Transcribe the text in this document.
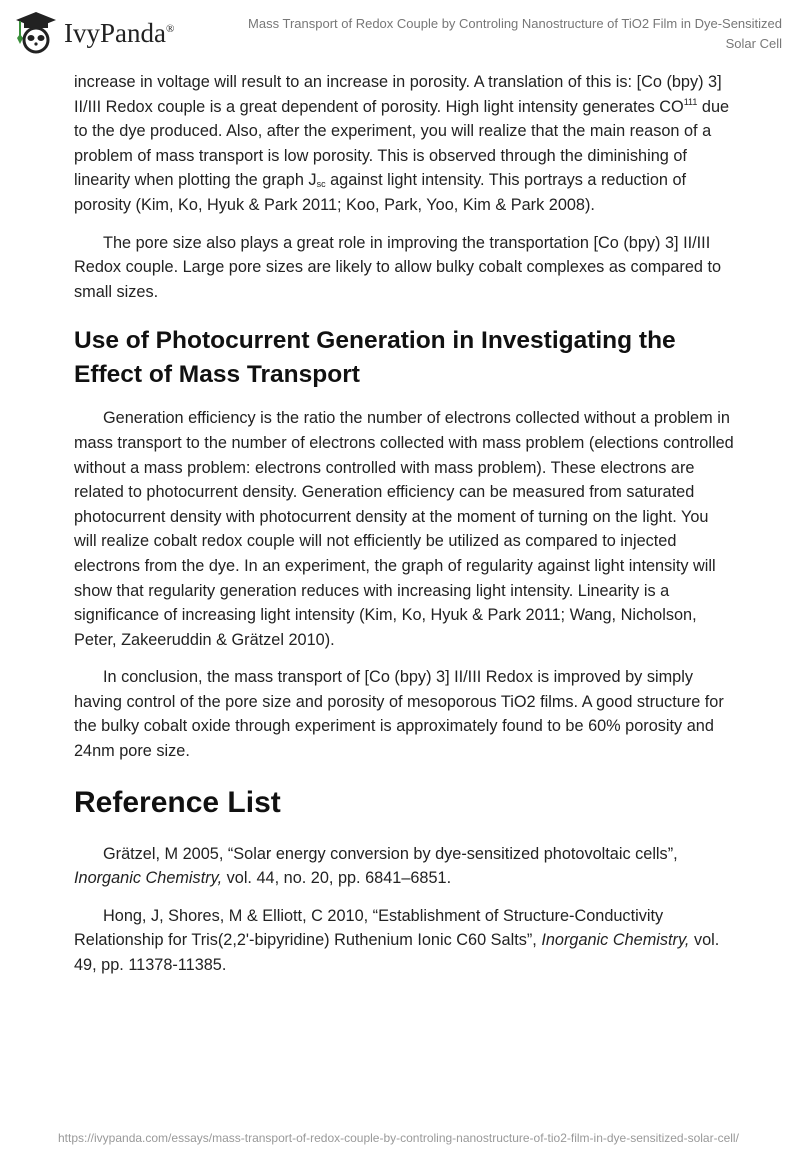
IvyPanda®	Mass Transport of Redox Couple by Controling Nanostructure of TiO2 Film in Dye-Sensitized Solar Cell

increase in voltage will result to an increase in porosity. A translation of this is: [Co (bpy) 3] II/III Redox couple is a great dependent of porosity. High light intensity generates CO$^{111}$ due to the dye produced. Also, after the experiment, you will realize that the main reason of a problem of mass transport is low porosity. This is observed through the diminishing of linearity when plotting the graph $J_{sc}$ against light intensity. This portrays a reduction of porosity (Kim, Ko, Hyuk & Park 2011; Koo, Park, Yoo, Kim & Park 2008).

The pore size also plays a great role in improving the transportation [Co (bpy) 3] II/III Redox couple. Large pore sizes are likely to allow bulky cobalt complexes as compared to small sizes.

Use of Photocurrent Generation in Investigating the Effect of Mass Transport

Generation efficiency is the ratio the number of electrons collected without a problem in mass transport to the number of electrons collected with mass problem (elections controlled without a mass problem: electrons controlled with mass problem). These electrons are related to photocurrent density. Generation efficiency can be measured from saturated photocurrent density with photocurrent density at the moment of turning on the light. You will realize cobalt redox couple will not efficiently be utilized as compared to injected electrons from the dye. In an experiment, the graph of regularity against light intensity will show that regularity generation reduces with increasing light intensity. Linearity is a significance of increasing light intensity (Kim, Ko, Hyuk & Park 2011; Wang, Nicholson, Peter, Zakeeruddin & Grätzel 2010).

In conclusion, the mass transport of [Co (bpy) 3] II/III Redox is improved by simply having control of the pore size and porosity of mesoporous TiO2 films. A good structure for the bulky cobalt oxide through experiment is approximately found to be 60% porosity and 24nm pore size.

Reference List

Grätzel, M 2005, “Solar energy conversion by dye-sensitized photovoltaic cells”, Inorganic Chemistry, vol. 44, no. 20, pp. 6841–6851.

Hong, J, Shores, M & Elliott, C 2010, “Establishment of Structure-Conductivity Relationship for Tris(2,2'-bipyridine) Ruthenium Ionic C60 Salts”, Inorganic Chemistry, vol. 49, pp. 11378-11385.

https://ivypanda.com/essays/mass-transport-of-redox-couple-by-controling-nanostructure-of-tio2-film-in-dye-sensitized-solar-cell/
